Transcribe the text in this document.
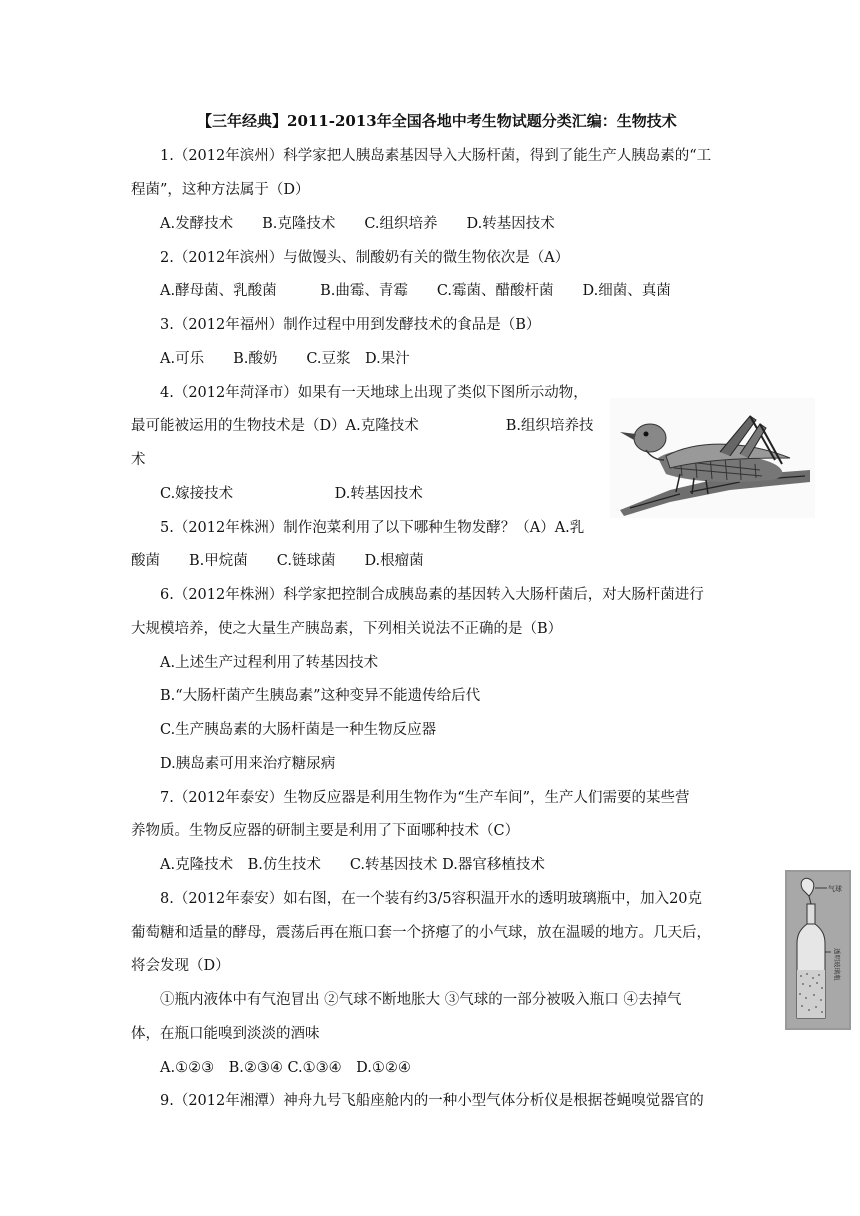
【三年经典】2011-2013年全国各地中考生物试题分类汇编：生物技术
1.（2012年滨州）科学家把人胰岛素基因导入大肠杆菌，得到了能生产人胰岛素的“工
程菌”，这种方法属于（D）
A.发酵技术　　B.克隆技术　　C.组织培养　　D.转基因技术
2.（2012年滨州）与做馒头、制酸奶有关的微生物依次是（A）
A.酵母菌、乳酸菌　　　B.曲霉、青霉　　C.霉菌、醋酸杆菌　　D.细菌、真菌
3.（2012年福州）制作过程中用到发酵技术的食品是（B）
A.可乐　　B.酸奶　　C.豆浆　D.果汁
4.（2012年菏泽市）如果有一天地球上出现了类似下图所示动物，
最可能被运用的生物技术是（D）A.克隆技术　　　　　　B.组织培养技
术
C.嫁接技术　　　　　　　D.转基因技术
5.（2012年株洲）制作泡菜利用了以下哪种生物发酵？（A）A.乳
酸菌　　B.甲烷菌　　C.链球菌　　D.根瘤菌
6.（2012年株洲）科学家把控制合成胰岛素的基因转入大肠杆菌后，对大肠杆菌进行
大规模培养，使之大量生产胰岛素，下列相关说法不正确的是（B）
A.上述生产过程利用了转基因技术
B.“大肠杆菌产生胰岛素”这种变异不能遗传给后代
C.生产胰岛素的大肠杆菌是一种生物反应器
D.胰岛素可用来治疗糖尿病
7.（2012年泰安）生物反应器是利用生物作为“生产车间”，生产人们需要的某些营
养物质。生物反应器的研制主要是利用了下面哪种技术（C）
A.克隆技术　B.仿生技术　　C.转基因技术 D.器官移植技术
8.（2012年泰安）如右图，在一个装有约3/5容积温开水的透明玻璃瓶中，加入20克
葡萄糖和适量的酵母，震荡后再在瓶口套一个挤瘪了的小气球，放在温暖的地方。几天后，
将会发现（D）
①瓶内液体中有气泡冒出 ②气球不断地胀大 ③气球的一部分被吸入瓶口 ④去掉气
体，在瓶口能嗅到淡淡的酒味
A.①②③　B.②③④ C.①③④　D.①②④
9.（2012年湘潭）神舟九号飞船座舱内的一种小型气体分析仪是根据苍蝇嗅觉器官的
气球
透明玻璃瓶
